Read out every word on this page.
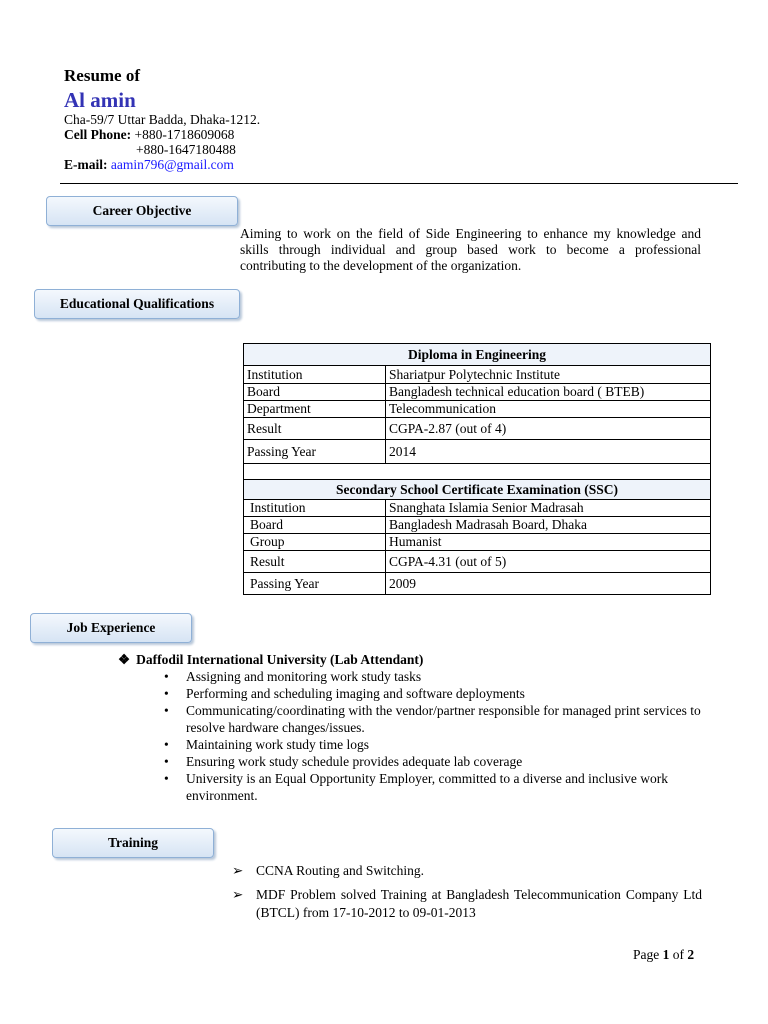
Resume of
Al amin
Cha-59/7 Uttar Badda, Dhaka-1212.
Cell Phone: +880-1718609068
+880-1647180488
E-mail: aamin796@gmail.com
Career Objective
Aiming to work on the field of Side Engineering to enhance my knowledge and skills through individual and group based work to become a professional contributing to the development of the organization.
Educational Qualifications
Diploma in Engineering	
Institution	Shariatpur Polytechnic Institute
Board	Bangladesh technical education board ( BTEB)
Department	Telecommunication
Result	CGPA-2.87 (out of 4)
Passing Year	2014

Secondary School Certificate Examination (SSC)	
Institution	Snanghata Islamia Senior Madrasah
Board	Bangladesh Madrasah Board, Dhaka
Group	Humanist
Result	CGPA-4.31 (out of 5)
Passing Year	2009
Job Experience
❖ Daffodil International University (Lab Attendant)
• Assigning and monitoring work study tasks
• Performing and scheduling imaging and software deployments
• Communicating/coordinating with the vendor/partner responsible for managed print services to resolve hardware changes/issues.
• Maintaining work study time logs
• Ensuring work study schedule provides adequate lab coverage
• University is an Equal Opportunity Employer, committed to a diverse and inclusive work environment.
Training
➢ CCNA Routing and Switching.
➢ MDF Problem solved Training at Bangladesh Telecommunication Company Ltd (BTCL) from 17-10-2012 to 09-01-2013
Page 1 of 2
